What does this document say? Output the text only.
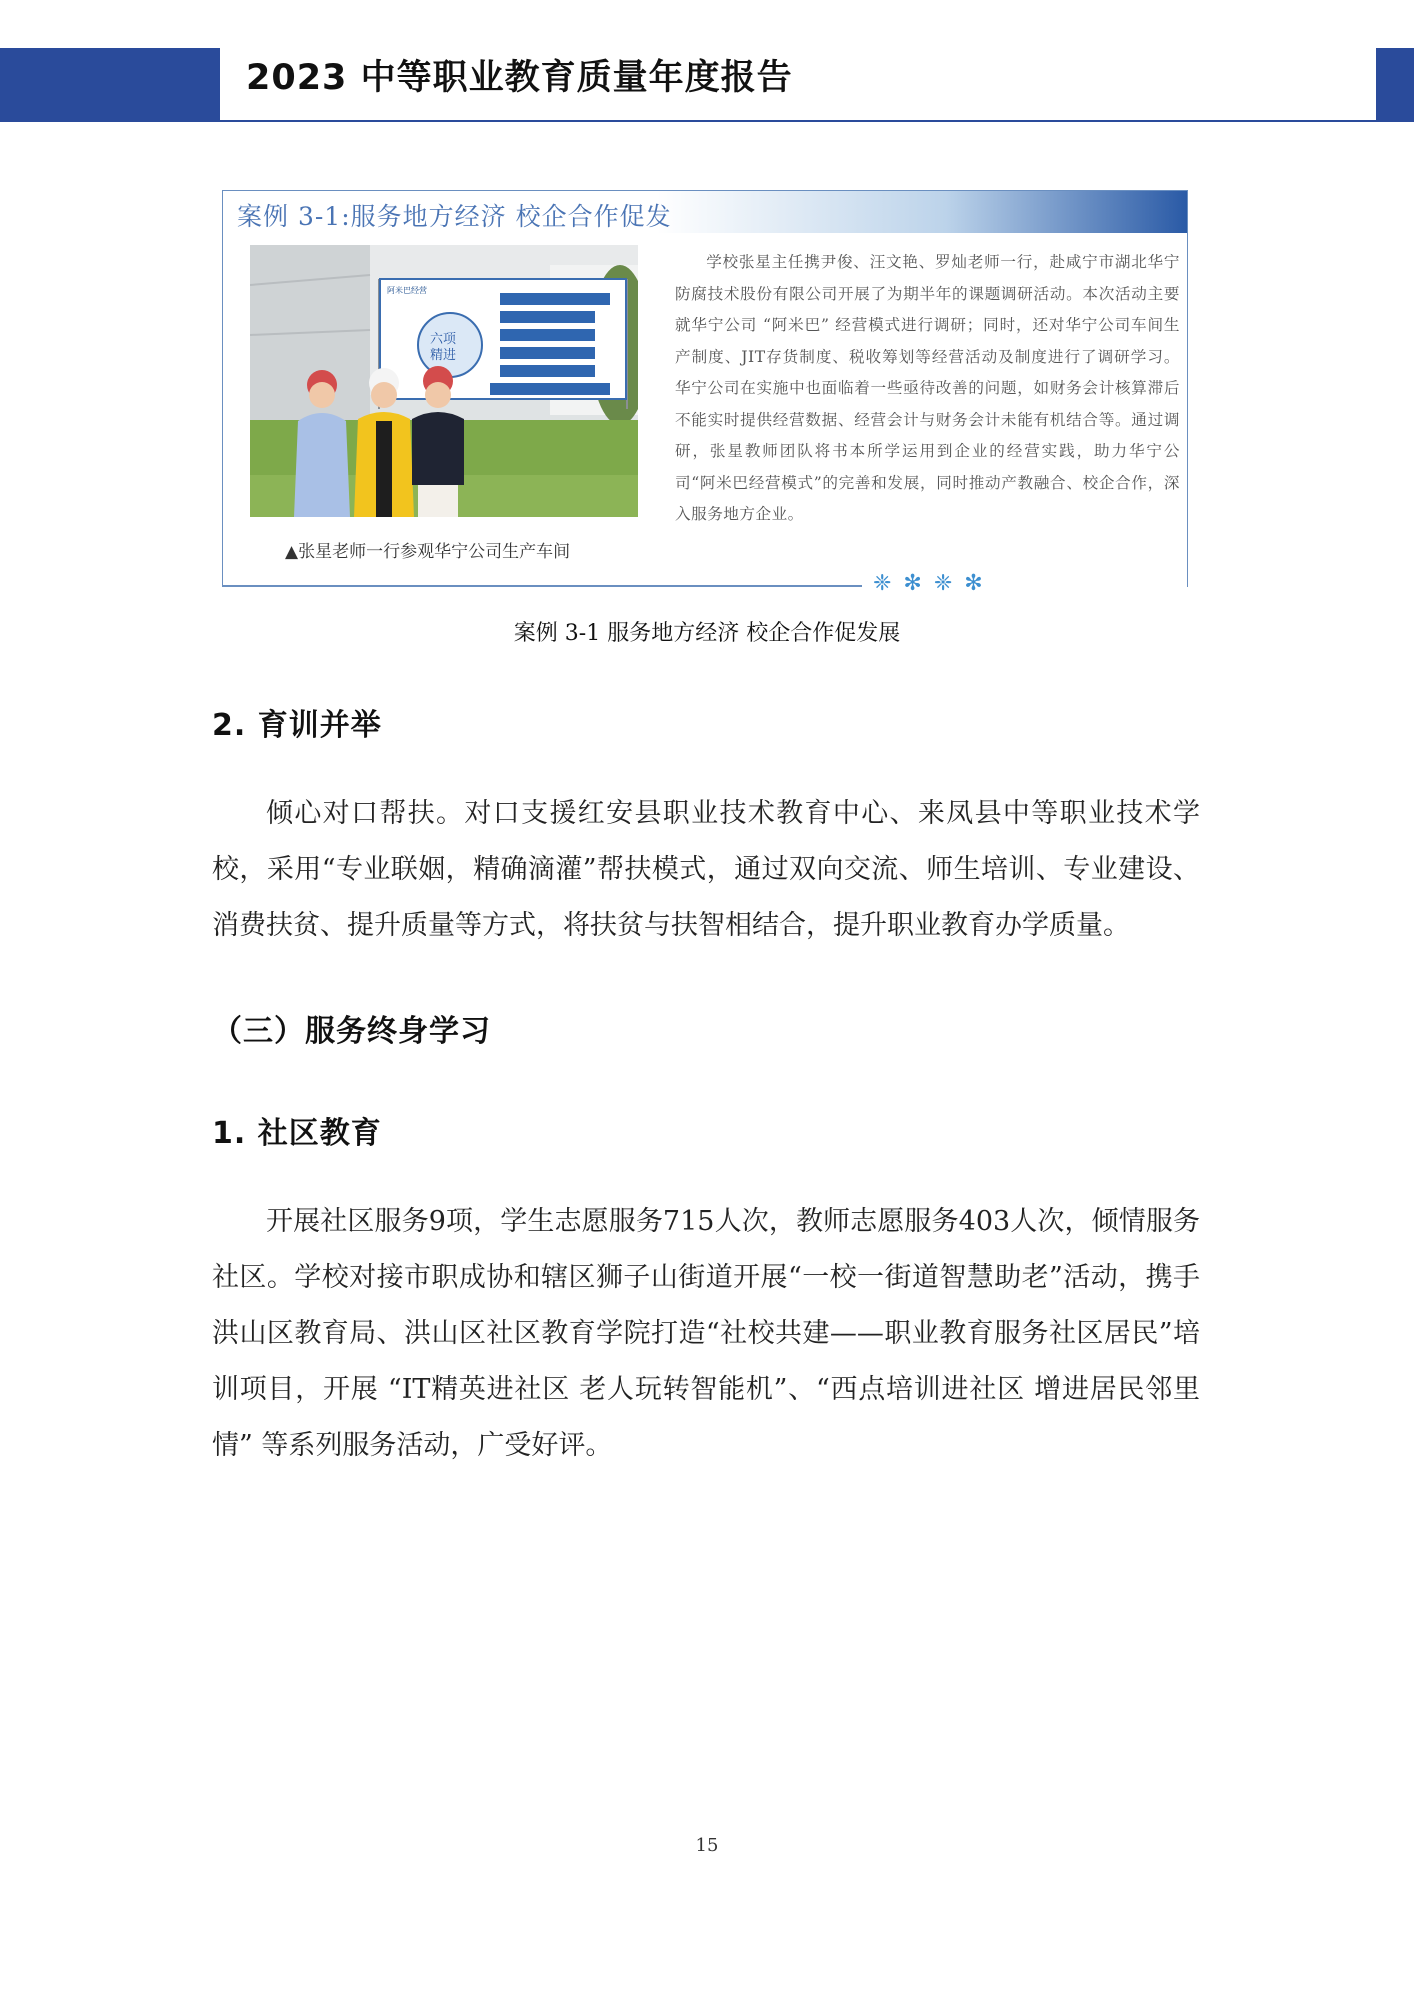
2023 中等职业教育质量年度报告
案例 3-1:服务地方经济 校企合作促发
阿米巴经营
六项
精进
▲张星老师一行参观华宁公司生产车间
学校张星主任携尹俊、汪文艳、罗灿老师一行，赴咸宁市湖北华宁防腐技术股份有限公司开展了为期半年的课题调研活动。本次活动主要就华宁公司 “阿米巴” 经营模式进行调研；同时，还对华宁公司车间生产制度、JIT存货制度、税收筹划等经营活动及制度进行了调研学习。华宁公司在实施中也面临着一些亟待改善的问题，如财务会计核算滞后不能实时提供经营数据、经营会计与财务会计未能有机结合等。通过调研，张星教师团队将书本所学运用到企业的经营实践，助力华宁公司“阿米巴经营模式”的完善和发展，同时推动产教融合、校企合作，深入服务地方企业。
❈✻❈✻
案例 3-1 服务地方经济 校企合作促发展
2. 育训并举
倾心对口帮扶。对口支援红安县职业技术教育中心、来凤县中等职业技术学校，采用“专业联姻，精确滴灌”帮扶模式，通过双向交流、师生培训、专业建设、消费扶贫、提升质量等方式，将扶贫与扶智相结合，提升职业教育办学质量。
（三）服务终身学习
1. 社区教育
开展社区服务9项，学生志愿服务715人次，教师志愿服务403人次，倾情服务社区。学校对接市职成协和辖区狮子山街道开展“一校一街道智慧助老”活动，携手洪山区教育局、洪山区社区教育学院打造“社校共建——职业教育服务社区居民”培训项目，开展 “IT精英进社区 老人玩转智能机”、“西点培训进社区 增进居民邻里情” 等系列服务活动，广受好评。
15
